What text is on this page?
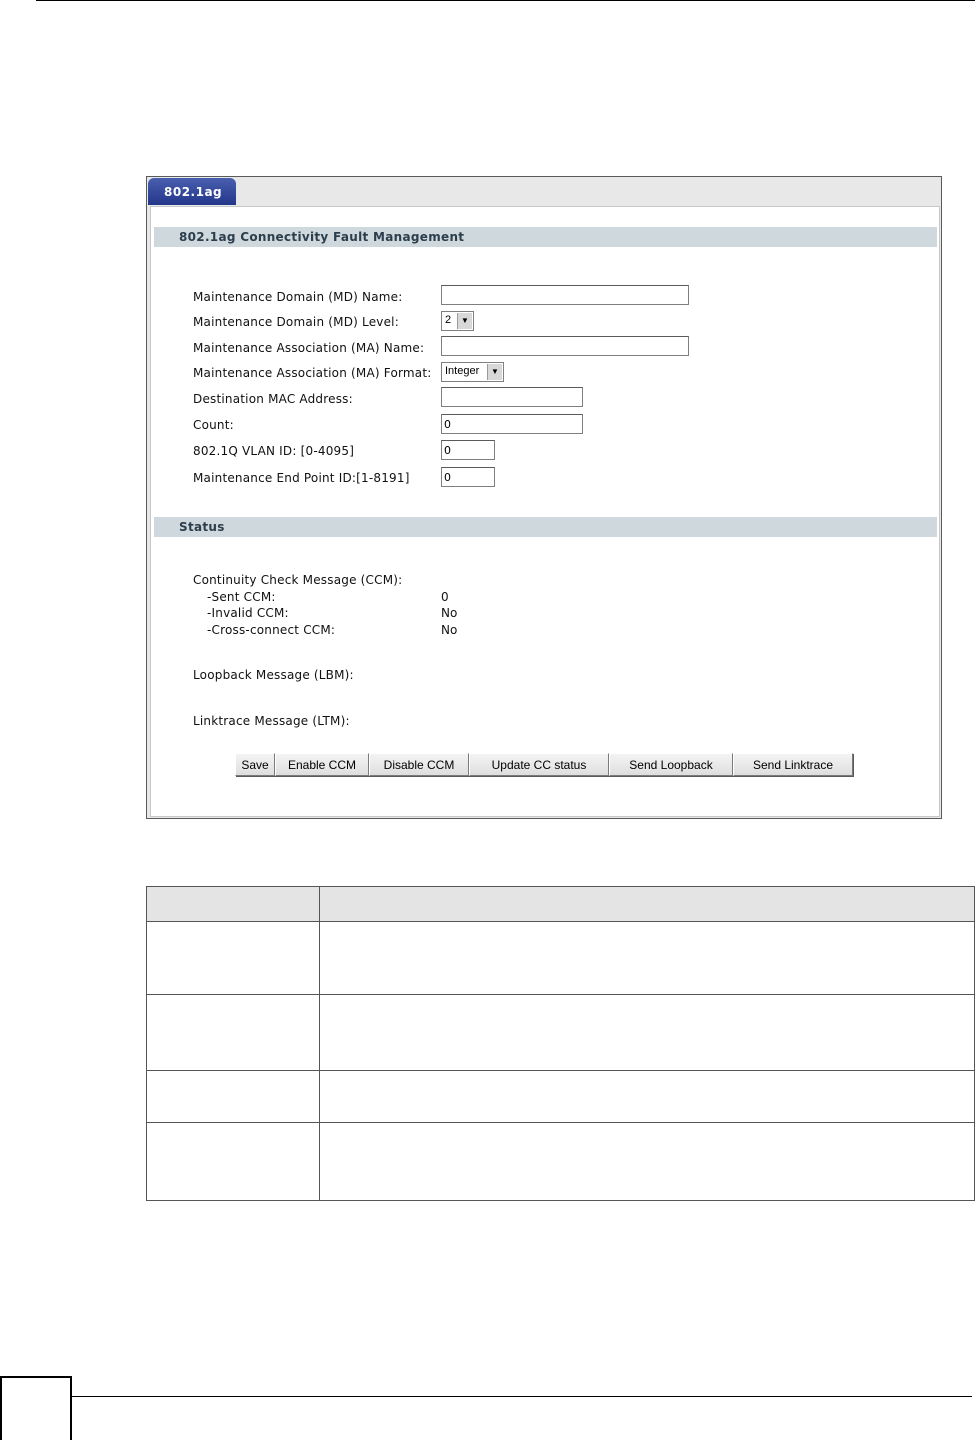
802.1ag
802.1ag Connectivity Fault Management
Maintenance Domain (MD) Name:
Maintenance Domain (MD) Level:	2	▼
Maintenance Association (MA) Name:
Maintenance Association (MA) Format:	Integer	▼
Destination MAC Address:
Count:
0
802.1Q VLAN ID: [0-4095]
0
Maintenance End Point ID:[1-8191]
0
Status
Continuity Check Message (CCM):
-Sent CCM:	0
-Invalid CCM:	No
-Cross-connect CCM:	No
Loopback Message (LBM):
Linktrace Message (LTM):
Save	Enable CCM	Disable CCM	Update CC status	Send Loopback	Send Linktrace
